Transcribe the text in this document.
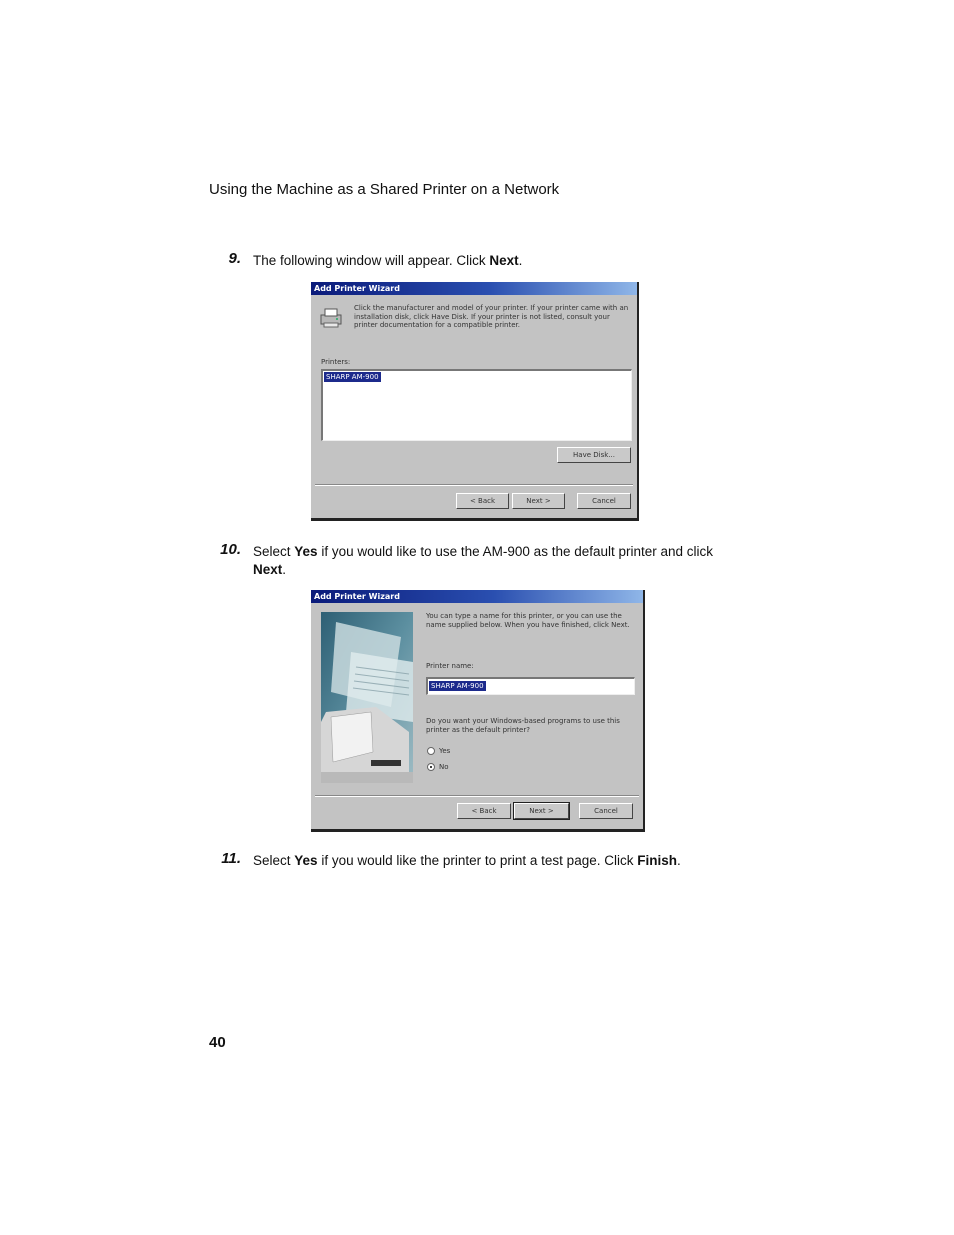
Using the Machine as a Shared Printer on a Network
9. The following window will appear. Click Next.
Add Printer Wizard
Click the manufacturer and model of your printer. If your printer came with an installation disk, click Have Disk. If your printer is not listed, consult your printer documentation for a compatible printer.
Printers:
SHARP AM-900
Have Disk...
< Back	Next >	Cancel
10. Select Yes if you would like to use the AM-900 as the default printer and click
Next.
Add Printer Wizard
You can type a name for this printer, or you can use the name supplied below. When you have finished, click Next.
Printer name:
SHARP AM-900
Do you want your Windows-based programs to use this printer as the default printer?
Yes
No
< Back	Next >	Cancel
11. Select Yes if you would like the printer to print a test page. Click Finish.
40
